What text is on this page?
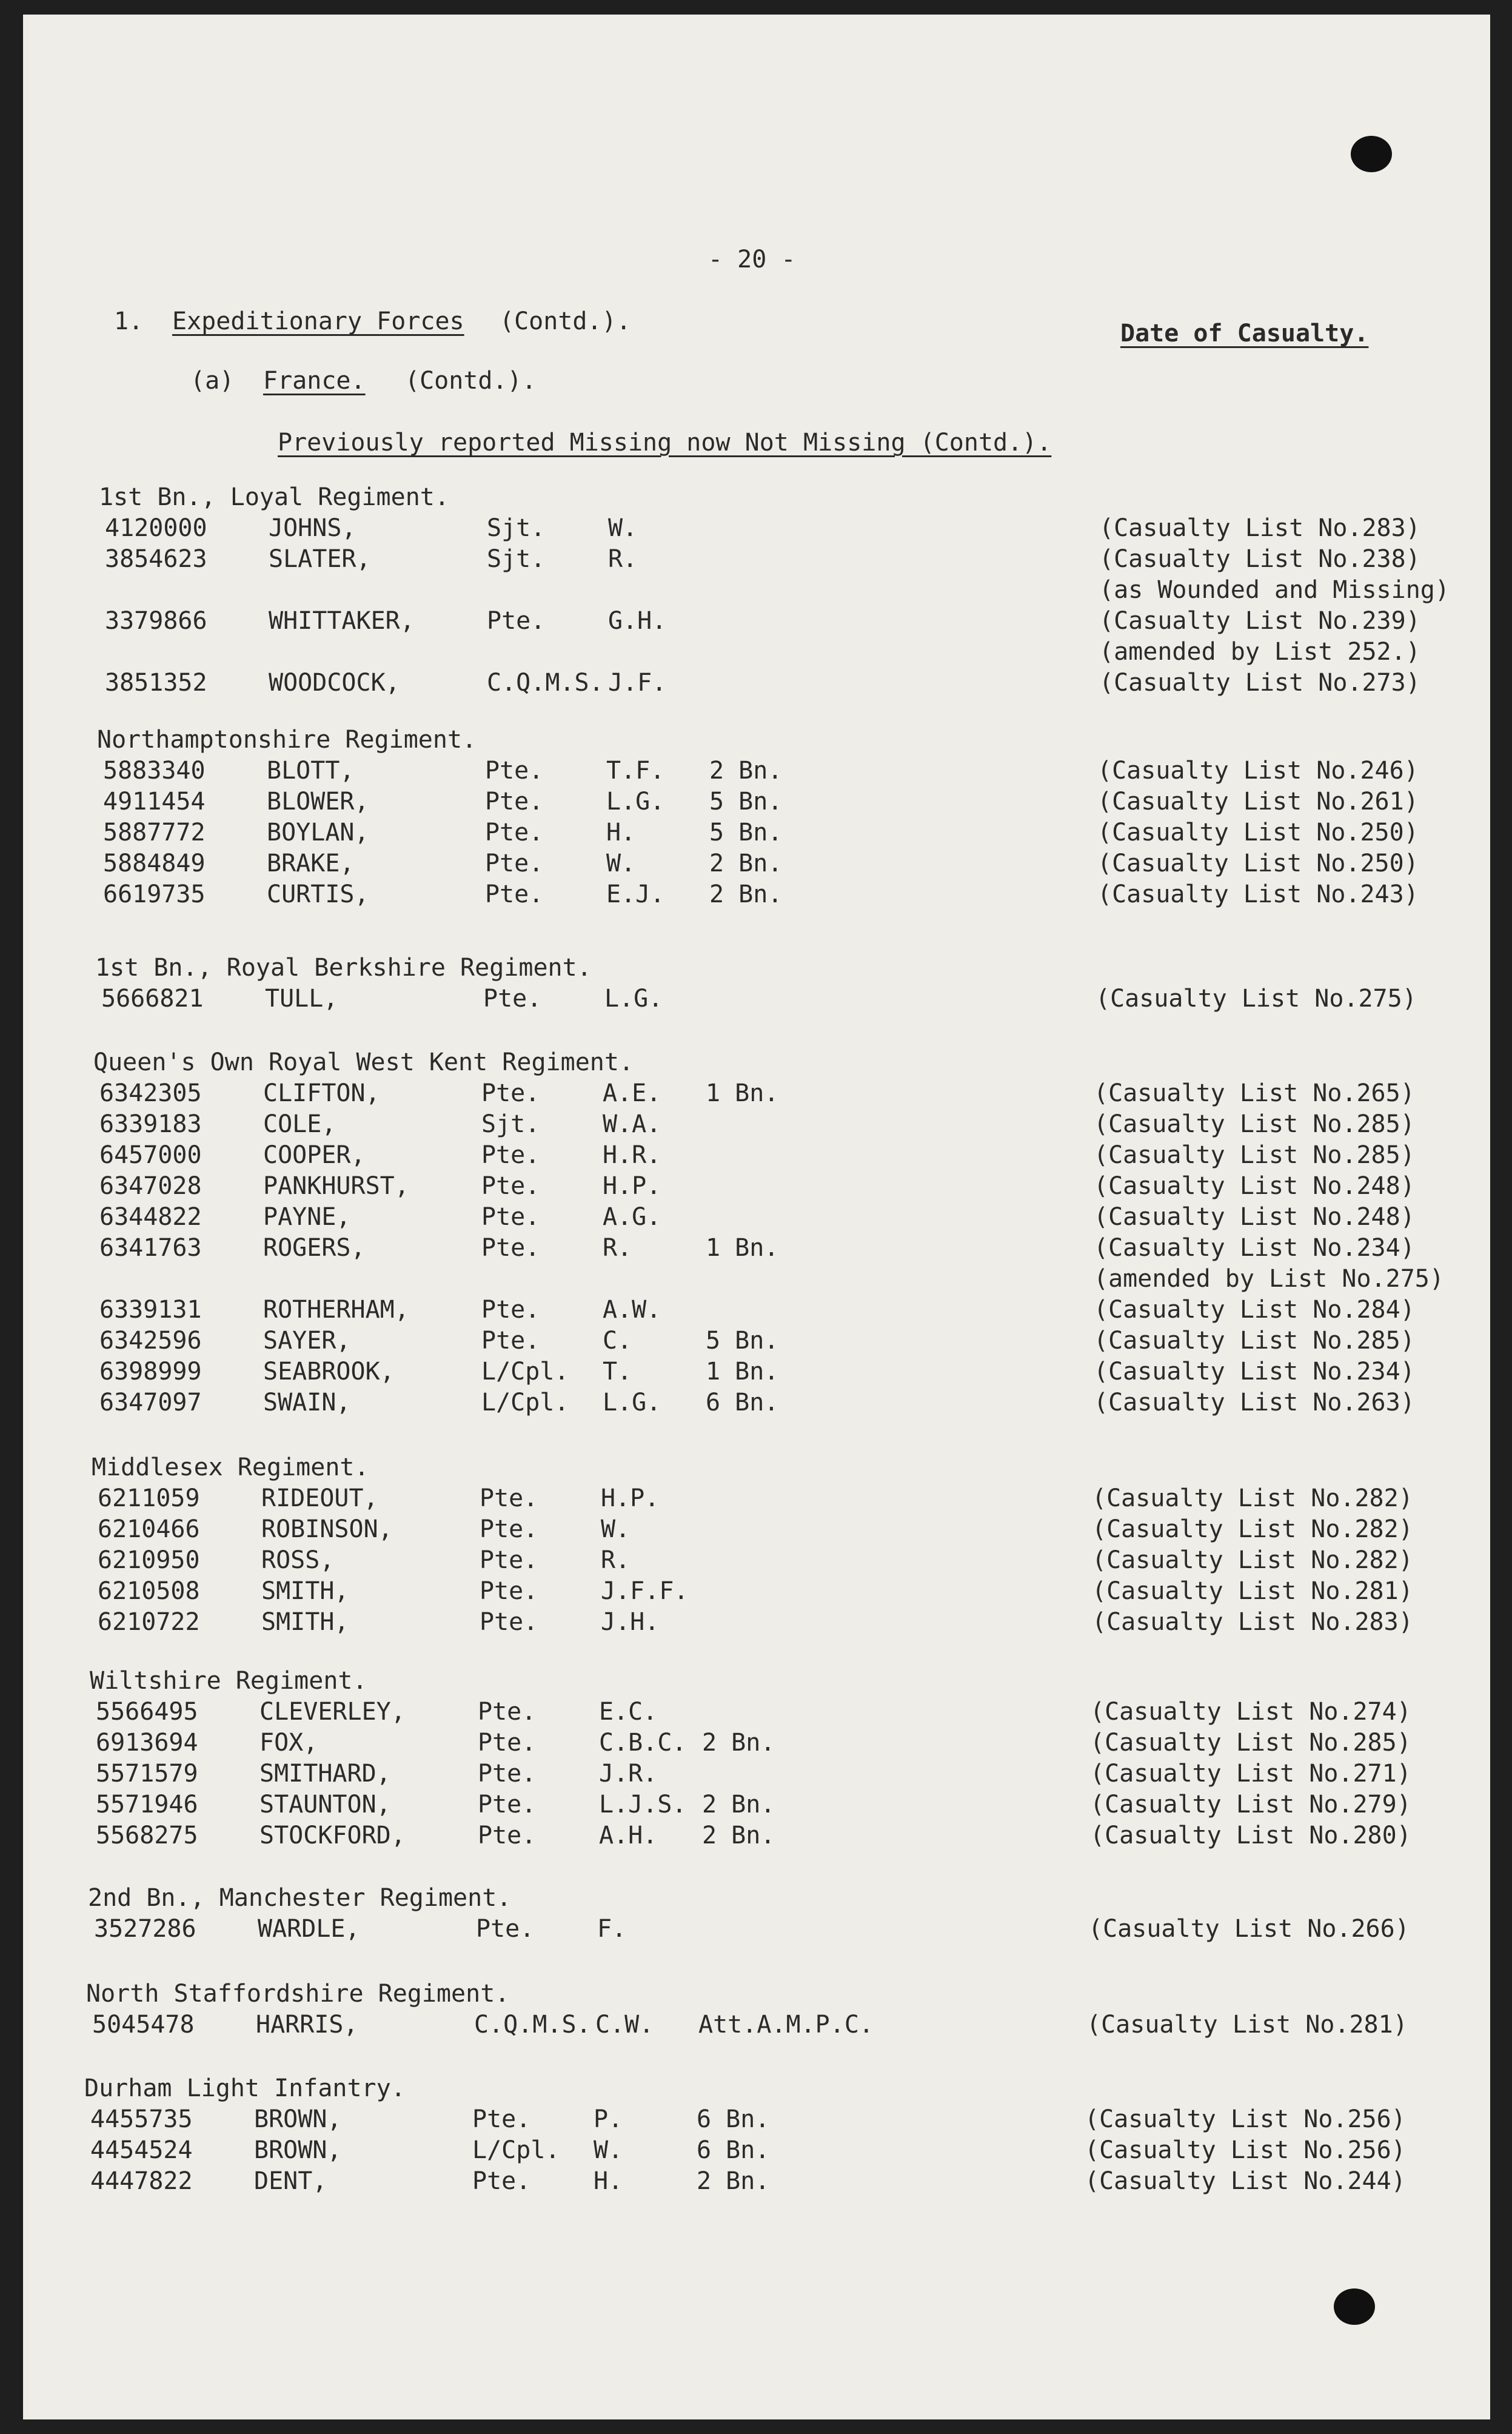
- 20 -
1. Expeditionary Forces (Contd.).	Date of Casualty.
(a) France. (Contd.).
Previously reported Missing now Not Missing (Contd.).
1st Bn., Loyal Regiment.
4120000	JOHNS,	Sjt.	W.	(Casualty List No.283)
3854623	SLATER,	Sjt.	R.	(Casualty List No.238)
(as Wounded and Missing)
3379866	WHITTAKER,	Pte.	G.H.	(Casualty List No.239)
(amended by List 252.)
3851352	WOODCOCK,	C.Q.M.S. J.F.	(Casualty List No.273)
Northamptonshire Regiment.
5883340	BLOTT,	Pte.	T.F. 2 Bn.	(Casualty List No.246)
4911454	BLOWER,	Pte.	L.G. 5 Bn.	(Casualty List No.261)
5887772	BOYLAN,	Pte.	H.	5 Bn.	(Casualty List No.250)
5884849	BRAKE,	Pte.	W.	2 Bn.	(Casualty List No.250)
6619735	CURTIS,	Pte.	E.J. 2 Bn.	(Casualty List No.243)
1st Bn., Royal Berkshire Regiment.
5666821	TULL,	Pte.	L.G.	(Casualty List No.275)
Queen's Own Royal West Kent Regiment.
6342305	CLIFTON,	Pte.	A.E. 1 Bn.	(Casualty List No.265)
6339183	COLE,	Sjt.	W.A.	(Casualty List No.285)
6457000	COOPER,	Pte.	H.R.	(Casualty List No.285)
6347028	PANKHURST,	Pte.	H.P.	(Casualty List No.248)
6344822	PAYNE,	Pte.	A.G.	(Casualty List No.248)
6341763	ROGERS,	Pte.	R.	1 Bn.	(Casualty List No.234)
(amended by List No.275)
6339131	ROTHERHAM,	Pte.	A.W.	(Casualty List No.284)
6342596	SAYER,	Pte.	C.	5 Bn.	(Casualty List No.285)
6398999	SEABROOK,	L/Cpl. T.	1 Bn.	(Casualty List No.234)
6347097	SWAIN,	L/Cpl. L.G. 6 Bn.	(Casualty List No.263)
Middlesex Regiment.
6211059	RIDEOUT,	Pte.	H.P.	(Casualty List No.282)
6210466	ROBINSON,	Pte.	W.	(Casualty List No.282)
6210950	ROSS,	Pte.	R.	(Casualty List No.282)
6210508	SMITH,	Pte.	J.F.F.	(Casualty List No.281)
6210722	SMITH,	Pte.	J.H.	(Casualty List No.283)
Wiltshire Regiment.
5566495	CLEVERLEY,	Pte.	E.C.	(Casualty List No.274)
6913694	FOX,	Pte.	C.B.C. 2 Bn.	(Casualty List No.285)
5571579	SMITHARD,	Pte.	J.R.	(Casualty List No.271)
5571946	STAUNTON,	Pte.	L.J.S. 2 Bn.	(Casualty List No.279)
5568275	STOCKFORD,	Pte.	A.H. 2 Bn.	(Casualty List No.280)
2nd Bn., Manchester Regiment.
3527286	WARDLE,	Pte.	F.	(Casualty List No.266)
North Staffordshire Regiment.
5045478	HARRIS,	C.Q.M.S. C.W. Att.A.M.P.C.	(Casualty List No.281)
Durham Light Infantry.
4455735	BROWN,	Pte.	P.	6 Bn.	(Casualty List No.256)
4454524	BROWN,	L/Cpl. W.	6 Bn.	(Casualty List No.256)
4447822	DENT,	Pte.	H.	2 Bn.	(Casualty List No.244)
